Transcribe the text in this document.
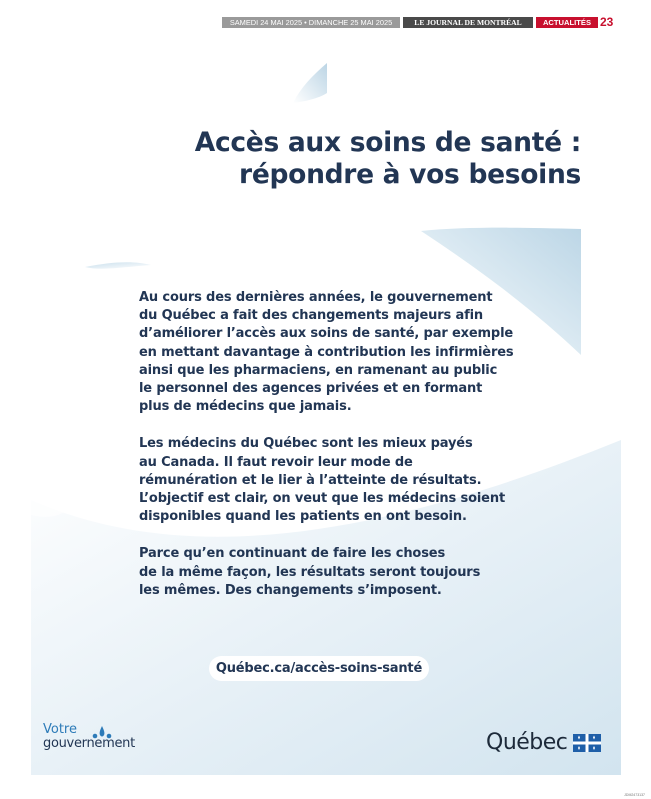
SAMEDI 24 MAI 2025 • DIMANCHE 25 MAI 2025	LE JOURNAL DE MONTRÉAL	ACTUALITÉS 23
Accès aux soins de santé :
répondre à vos besoins

Au cours des dernières années, le gouvernement
du Québec a fait des changements majeurs afin
d’améliorer l’accès aux soins de santé, par exemple
en mettant davantage à contribution les infirmières
ainsi que les pharmaciens, en ramenant au public
le personnel des agences privées et en formant
plus de médecins que jamais.

Les médecins du Québec sont les mieux payés
au Canada. Il faut revoir leur mode de
rémunération et le lier à l’atteinte de résultats.
L’objectif est clair, on veut que les médecins soient
disponibles quand les patients en ont besoin.

Parce qu’en continuant de faire les choses
de la même façon, les résultats seront toujours
les mêmes. Des changements s’imposent.

Québec.ca/accès-soins-santé
Votre
gouvernement	Québec
JDM2473137
